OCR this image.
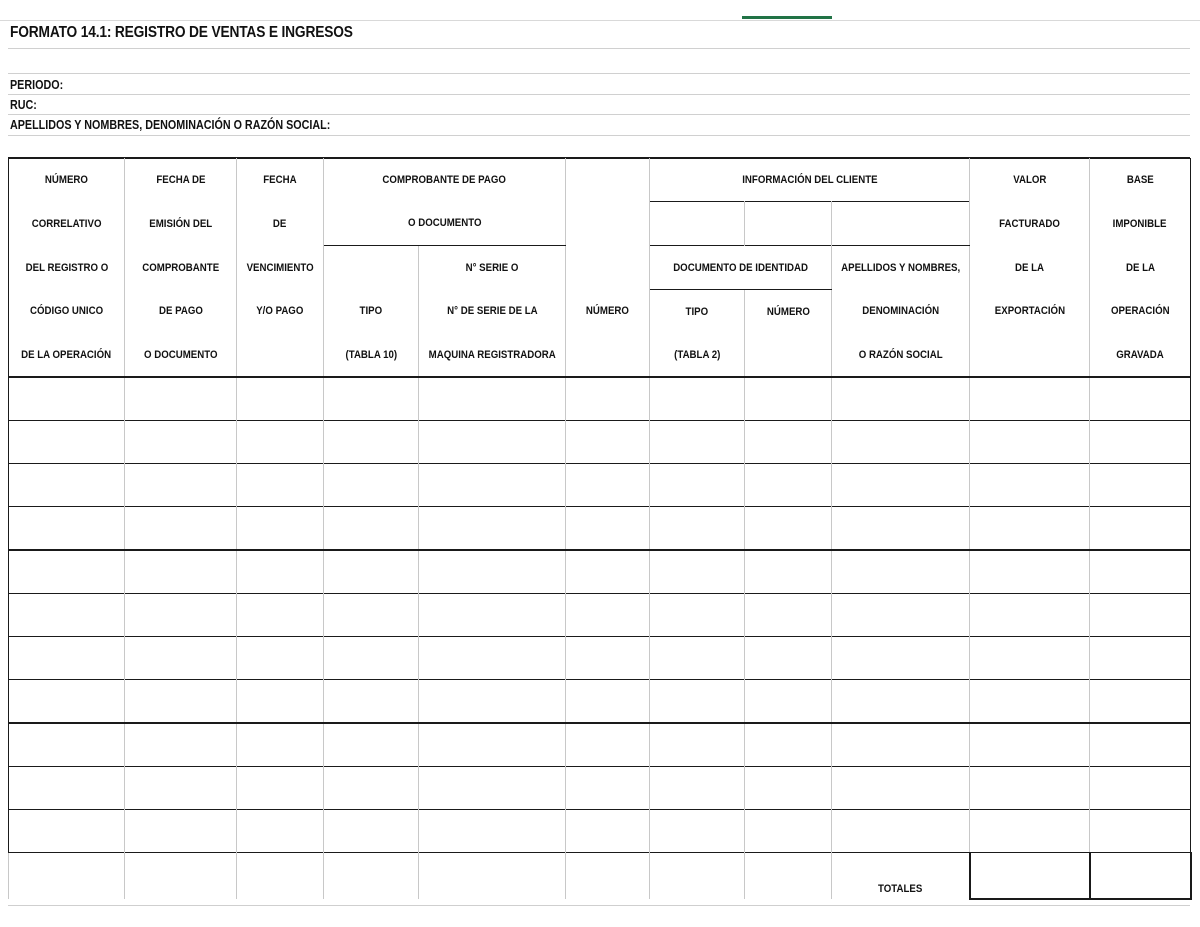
FORMATO 14.1: REGISTRO DE VENTAS E INGRESOS
PERIODO:
RUC:
APELLIDOS Y NOMBRES, DENOMINACIÓN O RAZÓN SOCIAL:
NÚMERO	FECHA DE	FECHA	COMPROBANTE DE PAGO			INFORMACIÓN DEL CLIENTE			VALOR	BASE
CORRELATIVO	EMISIÓN DEL	DE	O DOCUMENTO						FACTURADO	IMPONIBLE
DEL REGISTRO O	COMPROBANTE	VENCIMIENTO		N° SERIE O		DOCUMENTO DE IDENTIDAD		APELLIDOS Y NOMBRES,	DE LA	DE LA
CÓDIGO UNICO	DE PAGO	Y/O PAGO	TIPO	N° DE SERIE DE LA	NÚMERO	TIPO	NÚMERO	DENOMINACIÓN	EXPORTACIÓN	OPERACIÓN
DE LA OPERACIÓN	O DOCUMENTO		(TABLA 10)	MAQUINA REGISTRADORA		(TABLA 2)		O RAZÓN SOCIAL		GRAVADA

								TOTALES		
